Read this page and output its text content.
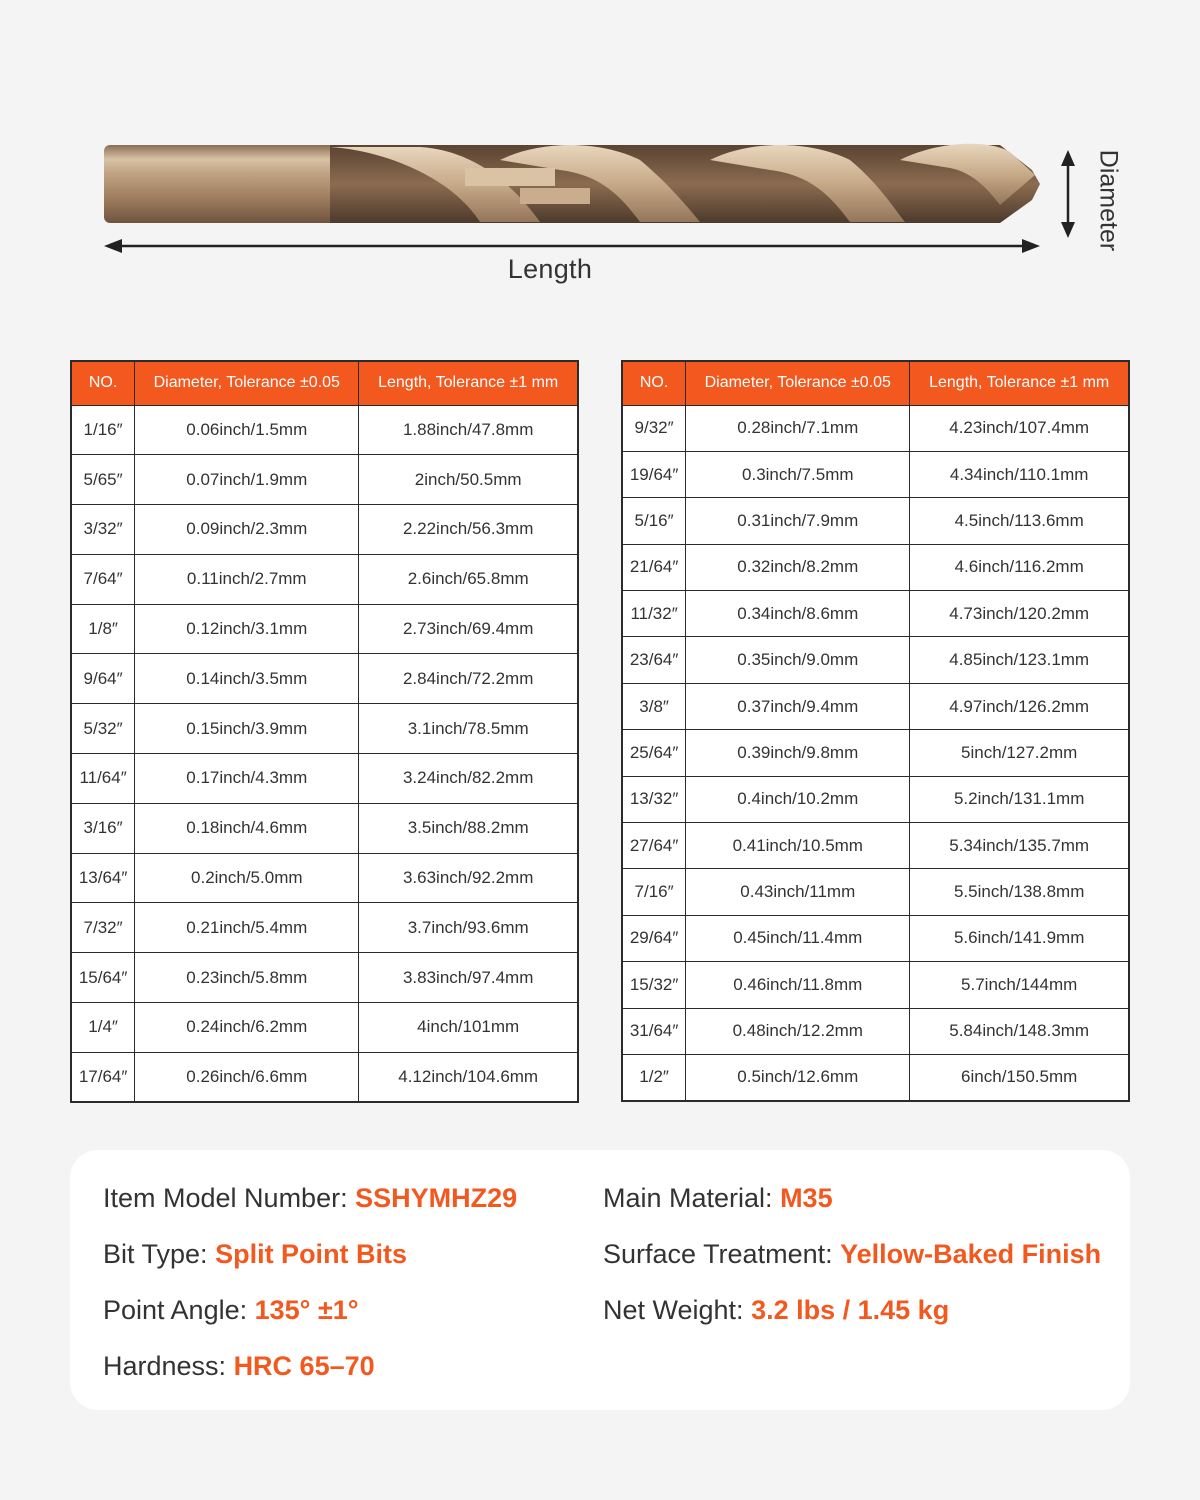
Length
Diameter
NO.	Diameter, Tolerance ±0.05	Length, Tolerance ±1 mm
1/16″	0.06inch/1.5mm	1.88inch/47.8mm
5/65″	0.07inch/1.9mm	2inch/50.5mm
3/32″	0.09inch/2.3mm	2.22inch/56.3mm
7/64″	0.11inch/2.7mm	2.6inch/65.8mm
1/8″	0.12inch/3.1mm	2.73inch/69.4mm
9/64″	0.14inch/3.5mm	2.84inch/72.2mm
5/32″	0.15inch/3.9mm	3.1inch/78.5mm
11/64″	0.17inch/4.3mm	3.24inch/82.2mm
3/16″	0.18inch/4.6mm	3.5inch/88.2mm
13/64″	0.2inch/5.0mm	3.63inch/92.2mm
7/32″	0.21inch/5.4mm	3.7inch/93.6mm
15/64″	0.23inch/5.8mm	3.83inch/97.4mm
1/4″	0.24inch/6.2mm	4inch/101mm
17/64″	0.26inch/6.6mm	4.12inch/104.6mm
NO.	Diameter, Tolerance ±0.05	Length, Tolerance ±1 mm
9/32″	0.28inch/7.1mm	4.23inch/107.4mm
19/64″	0.3inch/7.5mm	4.34inch/110.1mm
5/16″	0.31inch/7.9mm	4.5inch/113.6mm
21/64″	0.32inch/8.2mm	4.6inch/116.2mm
11/32″	0.34inch/8.6mm	4.73inch/120.2mm
23/64″	0.35inch/9.0mm	4.85inch/123.1mm
3/8″	0.37inch/9.4mm	4.97inch/126.2mm
25/64″	0.39inch/9.8mm	5inch/127.2mm
13/32″	0.4inch/10.2mm	5.2inch/131.1mm
27/64″	0.41inch/10.5mm	5.34inch/135.7mm
7/16″	0.43inch/11mm	5.5inch/138.8mm
29/64″	0.45inch/11.4mm	5.6inch/141.9mm
15/32″	0.46inch/11.8mm	5.7inch/144mm
31/64″	0.48inch/12.2mm	5.84inch/148.3mm
1/2″	0.5inch/12.6mm	6inch/150.5mm
Item Model Number: SSHYMHZ29
Bit Type: Split Point Bits
Point Angle: 135° ±1°
Hardness: HRC 65–70
Main Material: M35
Surface Treatment: Yellow-Baked Finish
Net Weight: 3.2 lbs / 1.45 kg
